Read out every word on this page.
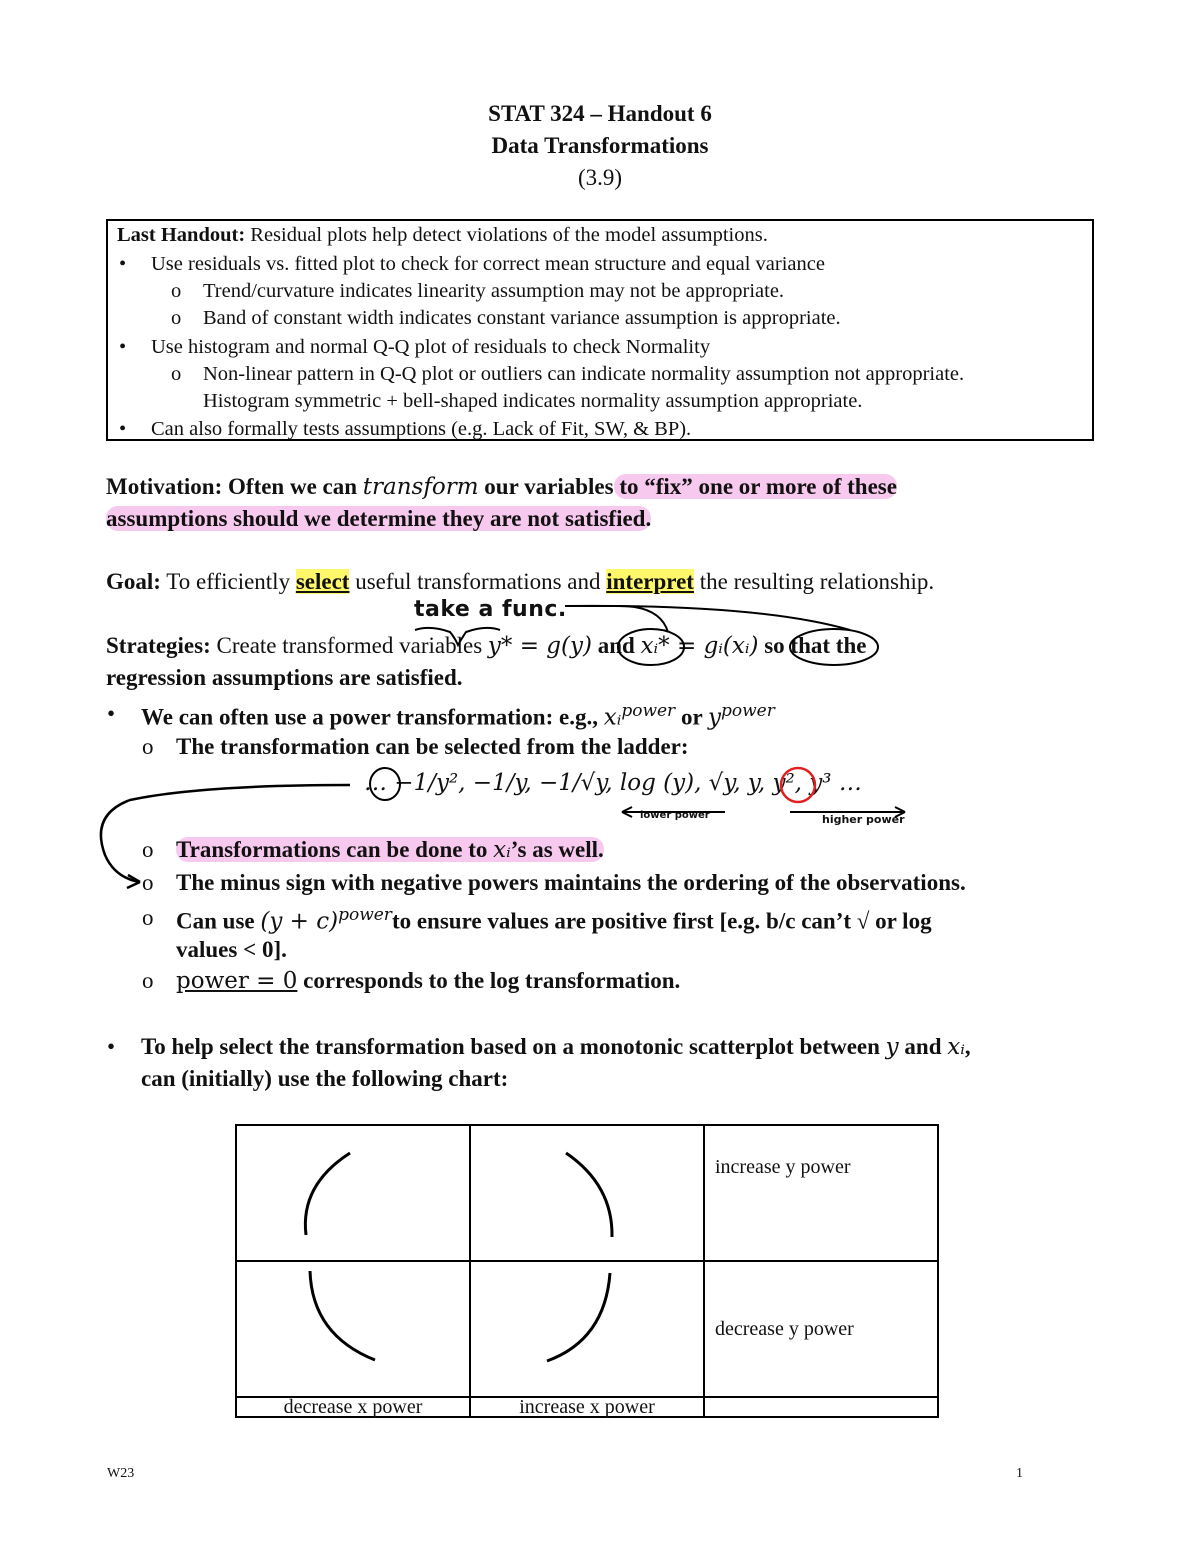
STAT 324 – Handout 6
Data Transformations
(3.9)
Last Handout: Residual plots help detect violations of the model assumptions.
• Use residuals vs. fitted plot to check for correct mean structure and equal variance
o Trend/curvature indicates linearity assumption may not be appropriate.
o Band of constant width indicates constant variance assumption is appropriate.
• Use histogram and normal Q-Q plot of residuals to check Normality
o Non-linear pattern in Q-Q plot or outliers can indicate normality assumption not appropriate.
Histogram symmetric + bell-shaped indicates normality assumption appropriate.
• Can also formally tests assumptions (e.g. Lack of Fit, SW, & BP).
Motivation: Often we can transform our variables to “fix” one or more of these
assumptions should we determine they are not satisfied.
Goal: To efficiently select useful transformations and interpret the resulting relationship.
take a func.
Strategies: Create transformed variables y* = g(y) and xᵢ* = gᵢ(xᵢ) so that the
regression assumptions are satisfied.
• We can often use a power transformation: e.g., xᵢ$^{power}$ or $y^{power}$
o The transformation can be selected from the ladder:
… −1/y², −1/y, −1/√y, log (y), √y, y, y², y³ …
lower power	higher power
o Transformations can be done to xᵢ’s as well.
o The minus sign with negative powers maintains the ordering of the observations.
o Can use $(y + c)^{power}to$ ensure values are positive first [e.g. b/c can’t √ or log
values < 0].
o power = 0 corresponds to the log transformation.
• To help select the transformation based on a monotonic scatterplot between y and xᵢ,
can (initially) use the following chart:

		increase y power

		decrease y power

decrease x power	increase x power	
W23	1
